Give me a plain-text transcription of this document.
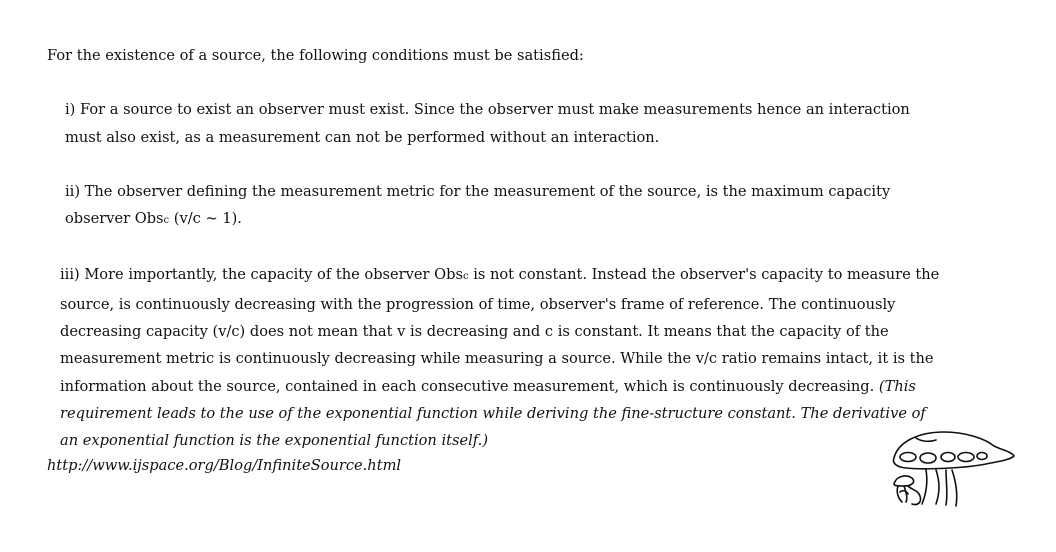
For the existence of a source, the following conditions must be satisfied:

i) For a source to exist an observer must exist. Since the observer must make measurements hence an interaction must also exist, as a measurement can not be performed without an interaction.

ii) The observer defining the measurement metric for the measurement of the source, is the maximum capacity observer Obsc (v/c ~ 1).

iii) More importantly, the capacity of the observer Obsc is not constant. Instead the observer's capacity to measure the source, is continuously decreasing with the progression of time, observer's frame of reference. The continuously decreasing capacity (v/c) does not mean that v is decreasing and c is constant. It means that the capacity of the measurement metric is continuously decreasing while measuring a source. While the v/c ratio remains intact, it is the information about the source, contained in each consecutive measurement, which is continuously decreasing. (This requirement leads to the use of the exponential function while deriving the fine-structure constant. The derivative of an exponential function is the exponential function itself.)

http://www.ijspace.org/Blog/InfiniteSource.html
